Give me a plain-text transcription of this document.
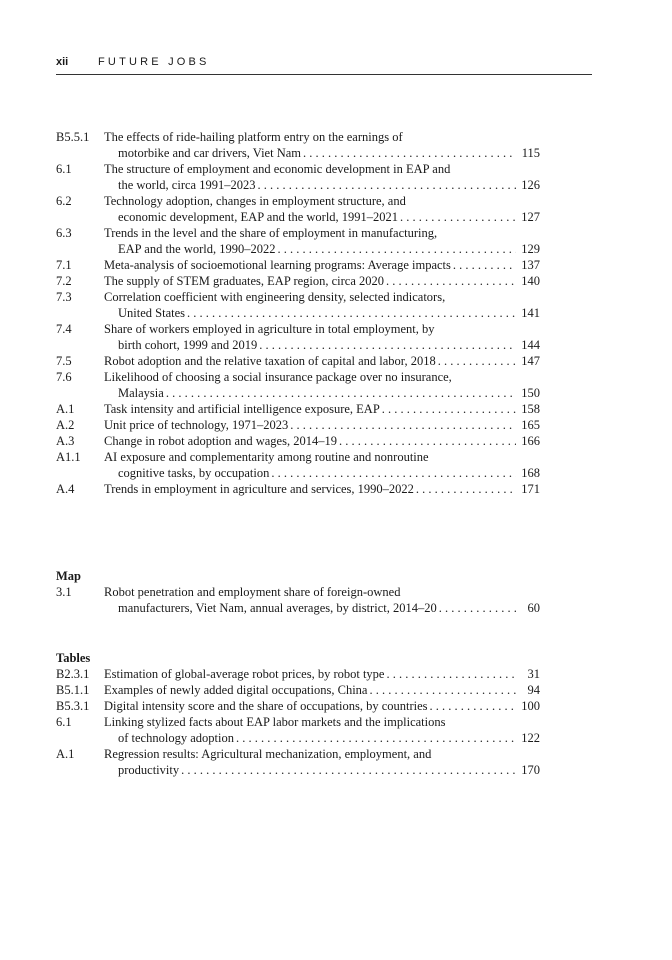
xii	FUTURE JOBS
B5.5.1 The effects of ride-hailing platform entry on the earnings of
motorbike and car drivers, Viet Nam . . .	115
6.1	The structure of employment and economic development in EAP and
the world, circa 1991–2023 . . .	126
6.2	Technology adoption, changes in employment structure, and
economic development, EAP and the world, 1991–2021 . . .	127
6.3	Trends in the level and the share of employment in manufacturing,
EAP and the world, 1990–2022 . . .	129
7.1	Meta-analysis of socioemotional learning programs: Average impacts . . .	137
7.2	The supply of STEM graduates, EAP region, circa 2020 . . .	140
7.3	Correlation coefficient with engineering density, selected indicators,
United States . . .	141
7.4	Share of workers employed in agriculture in total employment, by
birth cohort, 1999 and 2019 . . .	144
7.5	Robot adoption and the relative taxation of capital and labor, 2018 . . .	147
7.6	Likelihood of choosing a social insurance package over no insurance,
Malaysia . . .	150
A.1 Task intensity and artificial intelligence exposure, EAP . . .	158
A.2 Unit price of technology, 1971–2023 . . .	165
A.3 Change in robot adoption and wages, 2014–19 . . .	166
A1.1 AI exposure and complementarity among routine and nonroutine
cognitive tasks, by occupation . . .	168
A.4 Trends in employment in agriculture and services, 1990–2022 . . .	171
Map
3.1	Robot penetration and employment share of foreign-owned
manufacturers, Viet Nam, annual averages, by district, 2014–20 . . .	60
Tables
B2.3.1 Estimation of global-average robot prices, by robot type . . .	31
B5.1.1 Examples of newly added digital occupations, China . . .	94
B5.3.1 Digital intensity score and the share of occupations, by countries . . .	100
6.1	Linking stylized facts about EAP labor markets and the implications
of technology adoption . . .	122
A.1 Regression results: Agricultural mechanization, employment, and
productivity . . .	170
